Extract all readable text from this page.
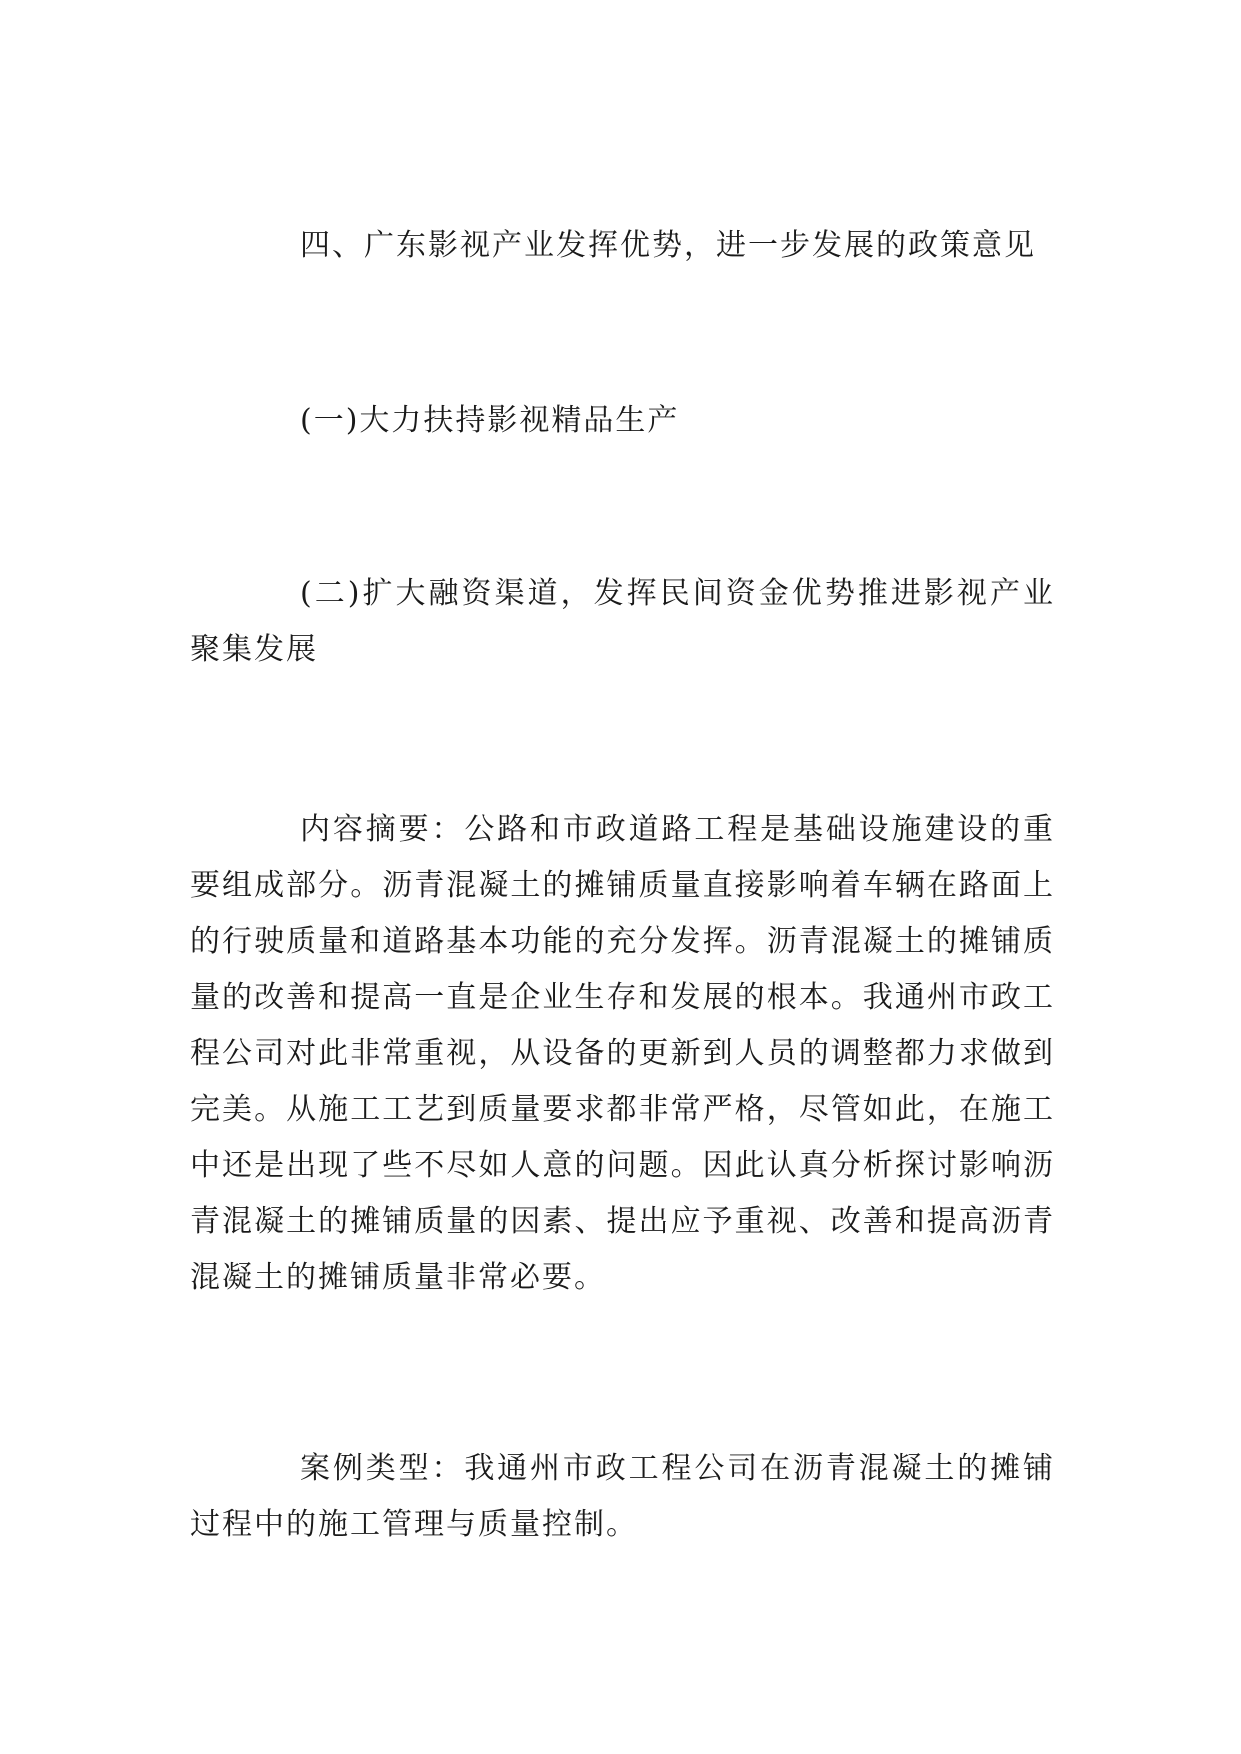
四、广东影视产业发挥优势，进一步发展的政策意见

(一)大力扶持影视精品生产

(二)扩大融资渠道，发挥民间资金优势推进影视产业聚集发展

内容摘要：公路和市政道路工程是基础设施建设的重要组成部分。沥青混凝土的摊铺质量直接影响着车辆在路面上的行驶质量和道路基本功能的充分发挥。沥青混凝土的摊铺质量的改善和提高一直是企业生存和发展的根本。我通州市政工程公司对此非常重视，从设备的更新到人员的调整都力求做到完美。从施工工艺到质量要求都非常严格，尽管如此，在施工中还是出现了些不尽如人意的问题。因此认真分析探讨影响沥青混凝土的摊铺质量的因素、提出应予重视、改善和提高沥青混凝土的摊铺质量非常必要。

案例类型：我通州市政工程公司在沥青混凝土的摊铺过程中的施工管理与质量控制。
